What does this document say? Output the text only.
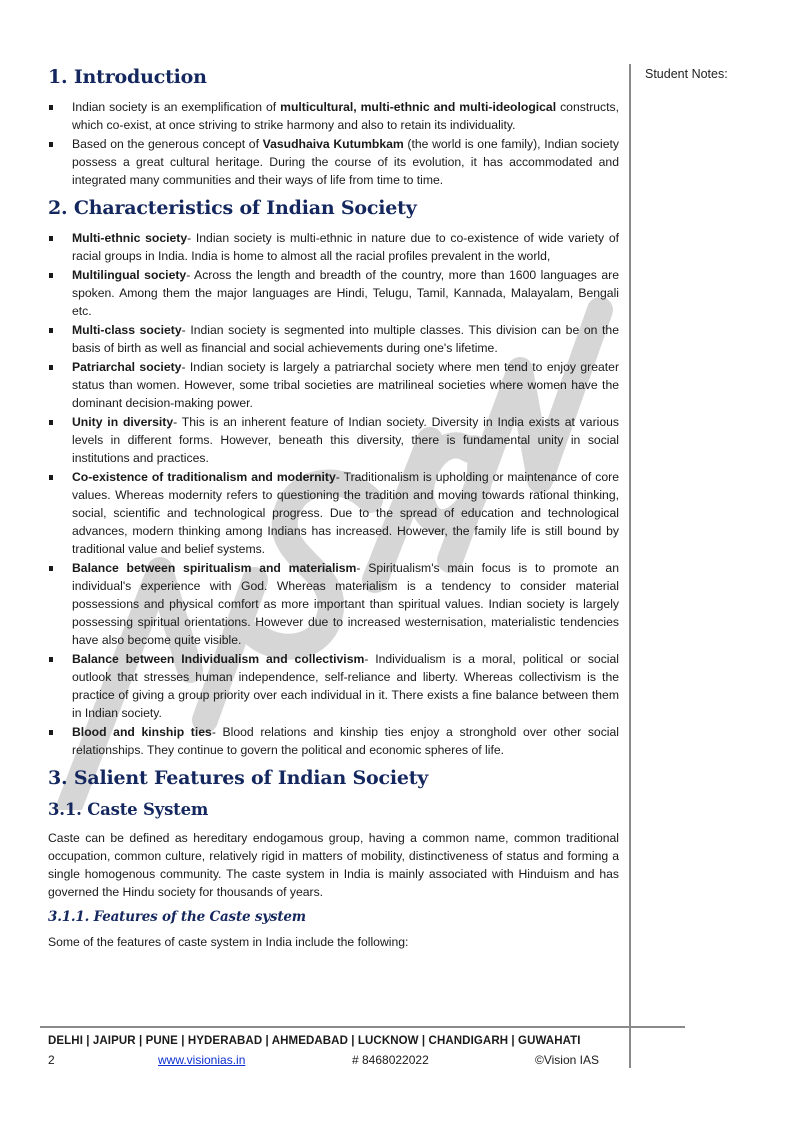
Student Notes:
1. Introduction
Indian society is an exemplification of multicultural, multi-ethnic and multi-ideological constructs, which co-exist, at once striving to strike harmony and also to retain its individuality.
Based on the generous concept of Vasudhaiva Kutumbkam (the world is one family), Indian society possess a great cultural heritage. During the course of its evolution, it has accommodated and integrated many communities and their ways of life from time to time.
2. Characteristics of Indian Society
Multi-ethnic society- Indian society is multi-ethnic in nature due to co-existence of wide variety of racial groups in India. India is home to almost all the racial profiles prevalent in the world,
Multilingual society- Across the length and breadth of the country, more than 1600 languages are spoken. Among them the major languages are Hindi, Telugu, Tamil, Kannada, Malayalam, Bengali etc.
Multi-class society- Indian society is segmented into multiple classes. This division can be on the basis of birth as well as financial and social achievements during one's lifetime.
Patriarchal society- Indian society is largely a patriarchal society where men tend to enjoy greater status than women. However, some tribal societies are matrilineal societies where women have the dominant decision-making power.
Unity in diversity- This is an inherent feature of Indian society. Diversity in India exists at various levels in different forms. However, beneath this diversity, there is fundamental unity in social institutions and practices.
Co-existence of traditionalism and modernity- Traditionalism is upholding or maintenance of core values. Whereas modernity refers to questioning the tradition and moving towards rational thinking, social, scientific and technological progress. Due to the spread of education and technological advances, modern thinking among Indians has increased. However, the family life is still bound by traditional value and belief systems.
Balance between spiritualism and materialism- Spiritualism's main focus is to promote an individual's experience with God. Whereas materialism is a tendency to consider material possessions and physical comfort as more important than spiritual values. Indian society is largely possessing spiritual orientations. However due to increased westernisation, materialistic tendencies have also become quite visible.
Balance between Individualism and collectivism- Individualism is a moral, political or social outlook that stresses human independence, self-reliance and liberty. Whereas collectivism is the practice of giving a group priority over each individual in it. There exists a fine balance between them in Indian society.
Blood and kinship ties- Blood relations and kinship ties enjoy a stronghold over other social relationships. They continue to govern the political and economic spheres of life.
3. Salient Features of Indian Society
3.1. Caste System

Caste can be defined as hereditary endogamous group, having a common name, common traditional occupation, common culture, relatively rigid in matters of mobility, distinctiveness of status and forming a single homogenous community. The caste system in India is mainly associated with Hinduism and has governed the Hindu society for thousands of years.

3.1.1. Features of the Caste system

Some of the features of caste system in India include the following:

DELHI | JAIPUR | PUNE | HYDERABAD | AHMEDABAD | LUCKNOW | CHANDIGARH | GUWAHATI
2	www.visionias.in	# 8468022022	©Vision IAS
